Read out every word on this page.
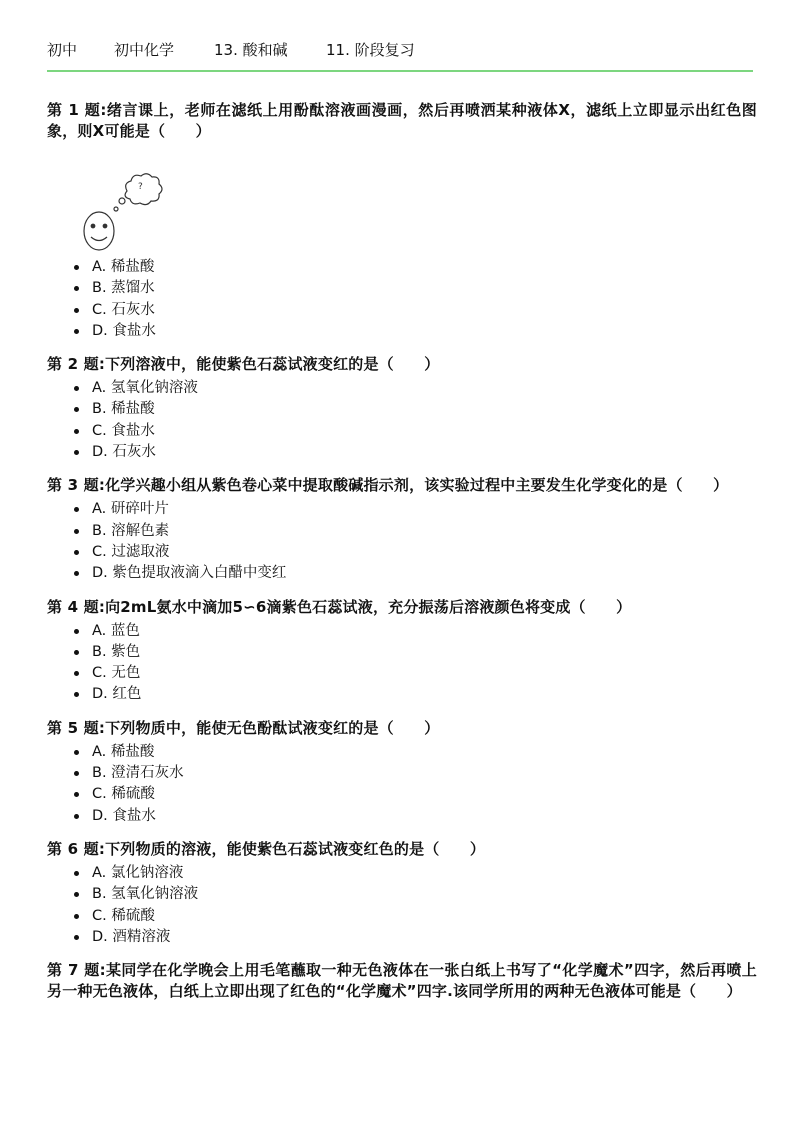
初中 初中化学	13. 酸和碱	11. 阶段复习

第 1 题:绪言课上，老师在滤纸上用酚酞溶液画漫画，然后再喷洒某种液体X，滤纸上立即显示出红色图象，则X可能是（　　）

?
A. 稀盐酸
B. 蒸馏水
C. 石灰水
D. 食盐水

第 2 题:下列溶液中，能使紫色石蕊试液变红的是（　　）

A. 氢氧化钠溶液
B. 稀盐酸
C. 食盐水
D. 石灰水

第 3 题:化学兴趣小组从紫色卷心菜中提取酸碱指示剂，该实验过程中主要发生化学变化的是（　　）

A. 研碎叶片
B. 溶解色素
C. 过滤取液
D. 紫色提取液滴入白醋中变红

第 4 题:向2mL氨水中滴加5∽6滴紫色石蕊试液，充分振荡后溶液颜色将变成（　　）

A. 蓝色
B. 紫色
C. 无色
D. 红色

第 5 题:下列物质中，能使无色酚酞试液变红的是（　　）

A. 稀盐酸
B. 澄清石灰水
C. 稀硫酸
D. 食盐水

第 6 题:下列物质的溶液，能使紫色石蕊试液变红色的是（　　）

A. 氯化钠溶液
B. 氢氧化钠溶液
C. 稀硫酸
D. 酒精溶液

第 7 题:某同学在化学晚会上用毛笔蘸取一种无色液体在一张白纸上书写了“化学魔术”四字，然后再喷上另一种无色液体，白纸上立即出现了红色的“化学魔术”四字.该同学所用的两种无色液体可能是（　　）
